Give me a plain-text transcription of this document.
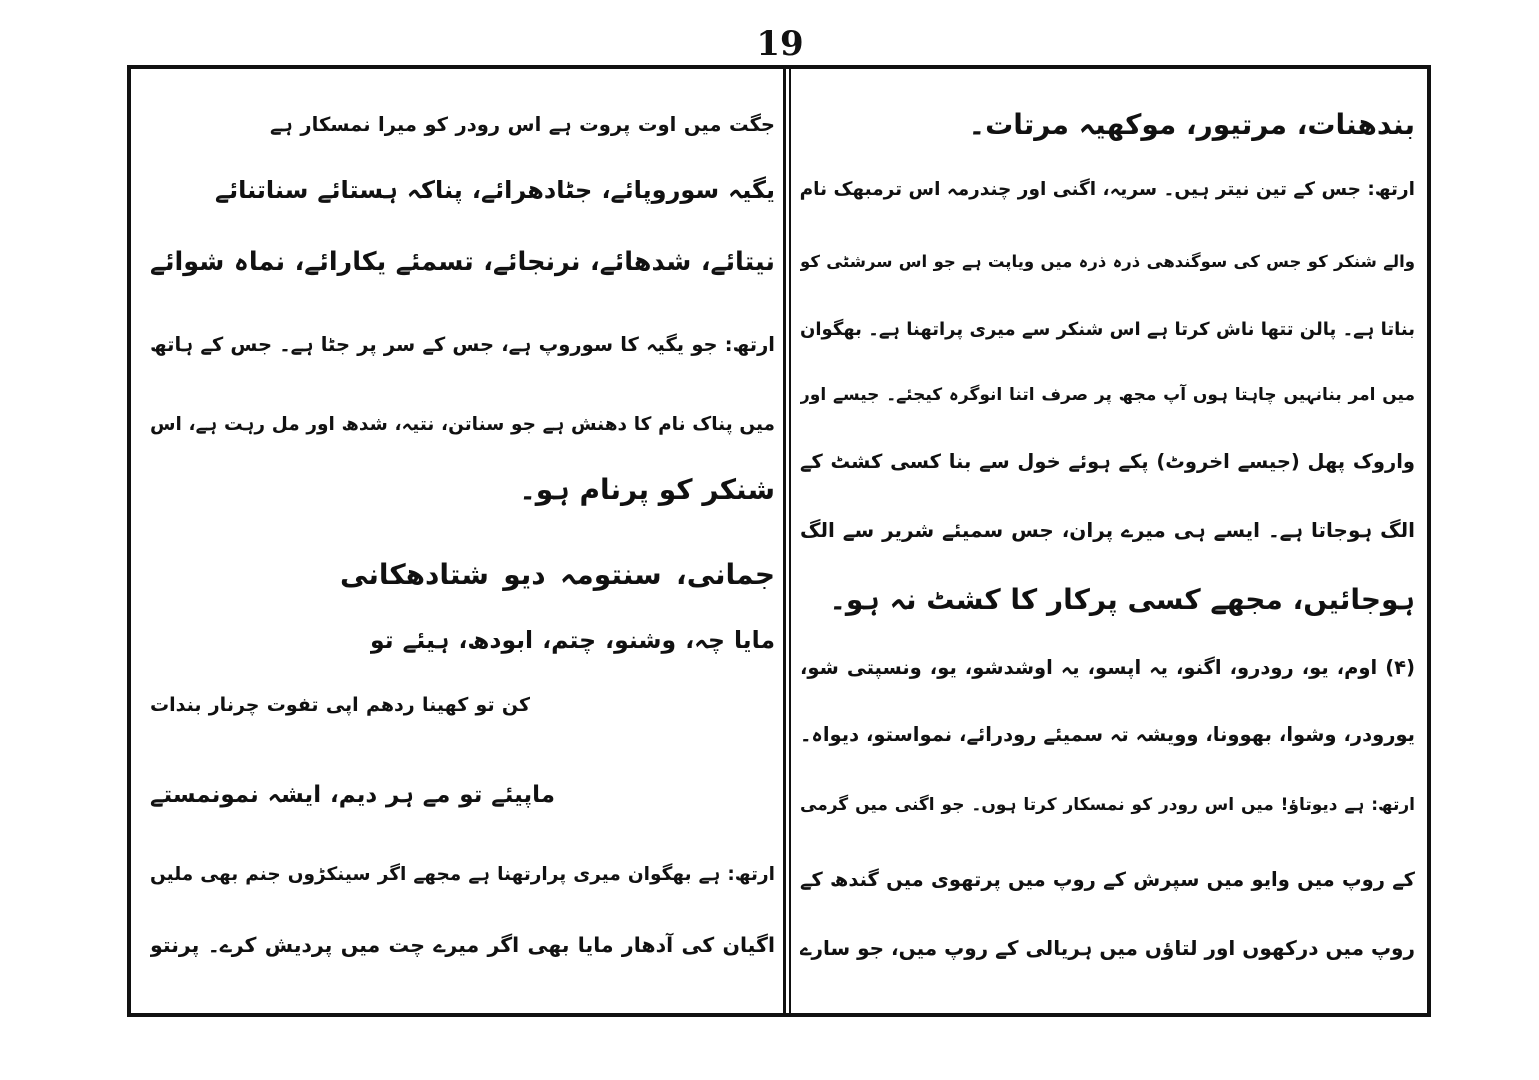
19
بندھنات، مرتیور، موکھیہ مرتات۔
ارتھ: جس کے تین نیتر ہیں۔ سریہ، اگنی اور چندرمہ اس ترمبھک نام
والے شنکر کو جس کی سوگندھی ذرہ ذرہ میں ویاپت ہے جو اس سرشٹی کو
بناتا ہے۔ پالن تتھا ناش کرتا ہے اس شنکر سے میری پراتھنا ہے۔ بھگوان
میں امر بنانہیں چاہتا ہوں آپ مجھ پر صرف اتنا انوگرہ کیجئے۔ جیسے اور
واروک پھل (جیسے اخروٹ) پکے ہوئے خول سے بنا کسی کشٹ کے
الگ ہوجاتا ہے۔ ایسے ہی میرے پران، جس سمیئے شریر سے الگ
ہوجائیں، مجھے کسی پرکار کا کشٹ نہ ہو۔
(۴) اوم، یو، رودرو، اگنو، یہ اپسو، یہ اوشدشو، یو، ونسپتی شو،
یورودر، وشوا، بھوونا، وویشہ تہ سمیئے رودرائے، نمواستو، دیواہ۔
ارتھ: ہے دیوتاؤ! میں اس رودر کو نمسکار کرتا ہوں۔ جو اگنی میں گرمی
کے روپ میں وایو میں سپرش کے روپ میں پرتھوی میں گندھ کے
روپ میں درکھوں اور لتاؤں میں ہریالی کے روپ میں، جو سارے
جگت میں اوت پروت ہے اس رودر کو میرا نمسکار ہے
یگیہ سوروپائے، جٹادھرائے، پناکہ ہستائے سناتنائے
نیتائے، شدھائے، نرنجائے، تسمئے یکارائے، نماہ شوائے
ارتھ: جو یگیہ کا سوروپ ہے، جس کے سر پر جٹا ہے۔ جس کے ہاتھ
میں پناک نام کا دھنش ہے جو سناتن، نتیہ، شدھ اور مل رہت ہے، اس
شنکر کو پرنام ہو۔
جمانی، سنتومہ دیو شتادھکانی
مایا چہ، وشنو، چتم، ابودھ، ہیئے تو
کن تو کھینا ردھم اپی تفوت چرنار بندات
ماپیئے تو مے ہر دیم، ایشہ نمونمستے
ارتھ: ہے بھگوان میری پرارتھنا ہے مجھے اگر سینکڑوں جنم بھی ملیں
اگیان کی آدھار مایا بھی اگر میرے چت میں پردیش کرے۔ پرنتو
